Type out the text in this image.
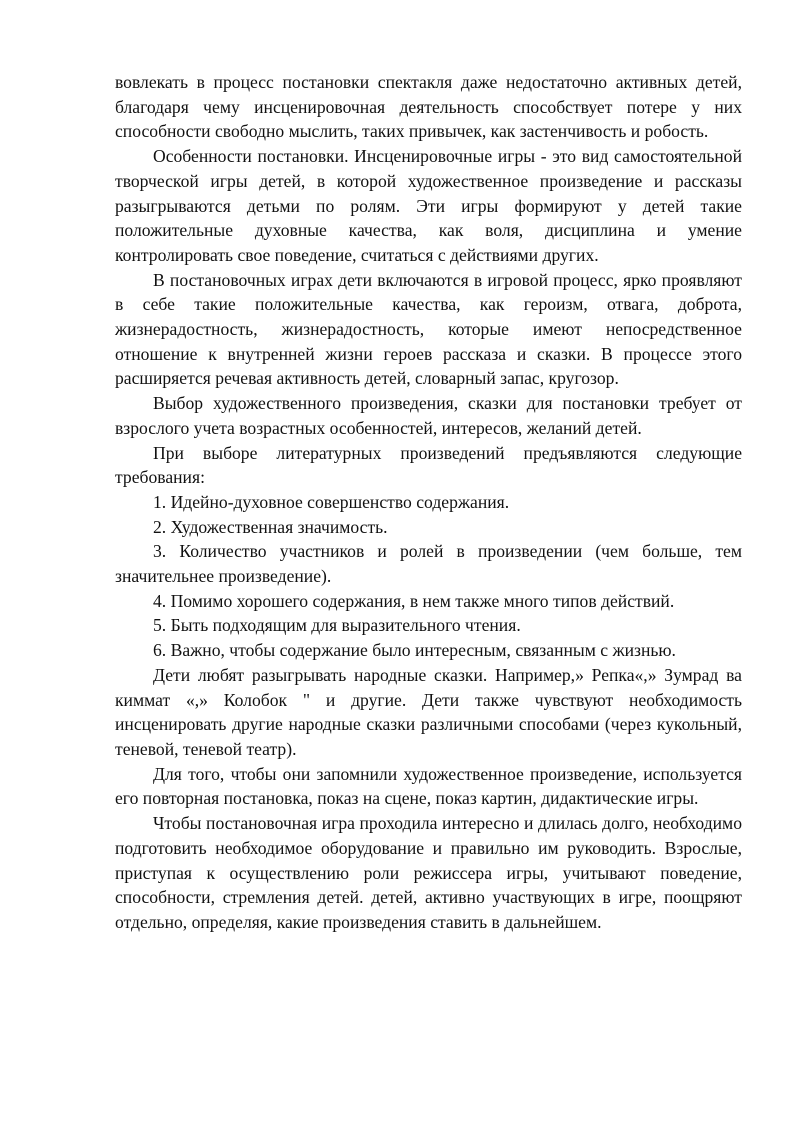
вовлекать в процесс постановки спектакля даже недостаточно активных детей, благодаря чему инсценировочная деятельность способствует потере у них способности свободно мыслить, таких привычек, как застенчивость и робость.

Особенности постановки. Инсценировочные игры - это вид самостоятельной творческой игры детей, в которой художественное произведение и рассказы разыгрываются детьми по ролям. Эти игры формируют у детей такие положительные духовные качества, как воля, дисциплина и умение контролировать свое поведение, считаться с действиями других.

В постановочных играх дети включаются в игровой процесс, ярко проявляют в себе такие положительные качества, как героизм, отвага, доброта, жизнерадостность, жизнерадостность, которые имеют непосредственное отношение к внутренней жизни героев рассказа и сказки. В процессе этого расширяется речевая активность детей, словарный запас, кругозор.

Выбор художественного произведения, сказки для постановки требует от взрослого учета возрастных особенностей, интересов, желаний детей.

При выборе литературных произведений предъявляются следующие требования:

1. Идейно-духовное совершенство содержания.

2. Художественная значимость.

3. Количество участников и ролей в произведении (чем больше, тем значительнее произведение).

4. Помимо хорошего содержания, в нем также много типов действий.

5. Быть подходящим для выразительного чтения.

6. Важно, чтобы содержание было интересным, связанным с жизнью.

Дети любят разыгрывать народные сказки. Например,» Репка«,» Зумрад ва киммат «,» Колобок " и другие. Дети также чувствуют необходимость инсценировать другие народные сказки различными способами (через кукольный, теневой, теневой театр).

Для того, чтобы они запомнили художественное произведение, используется его повторная постановка, показ на сцене, показ картин, дидактические игры.

Чтобы постановочная игра проходила интересно и длилась долго, необходимо подготовить необходимое оборудование и правильно им руководить. Взрослые, приступая к осуществлению роли режиссера игры, учитывают поведение, способности, стремления детей. детей, активно участвующих в игре, поощряют отдельно, определяя, какие произведения ставить в дальнейшем.
